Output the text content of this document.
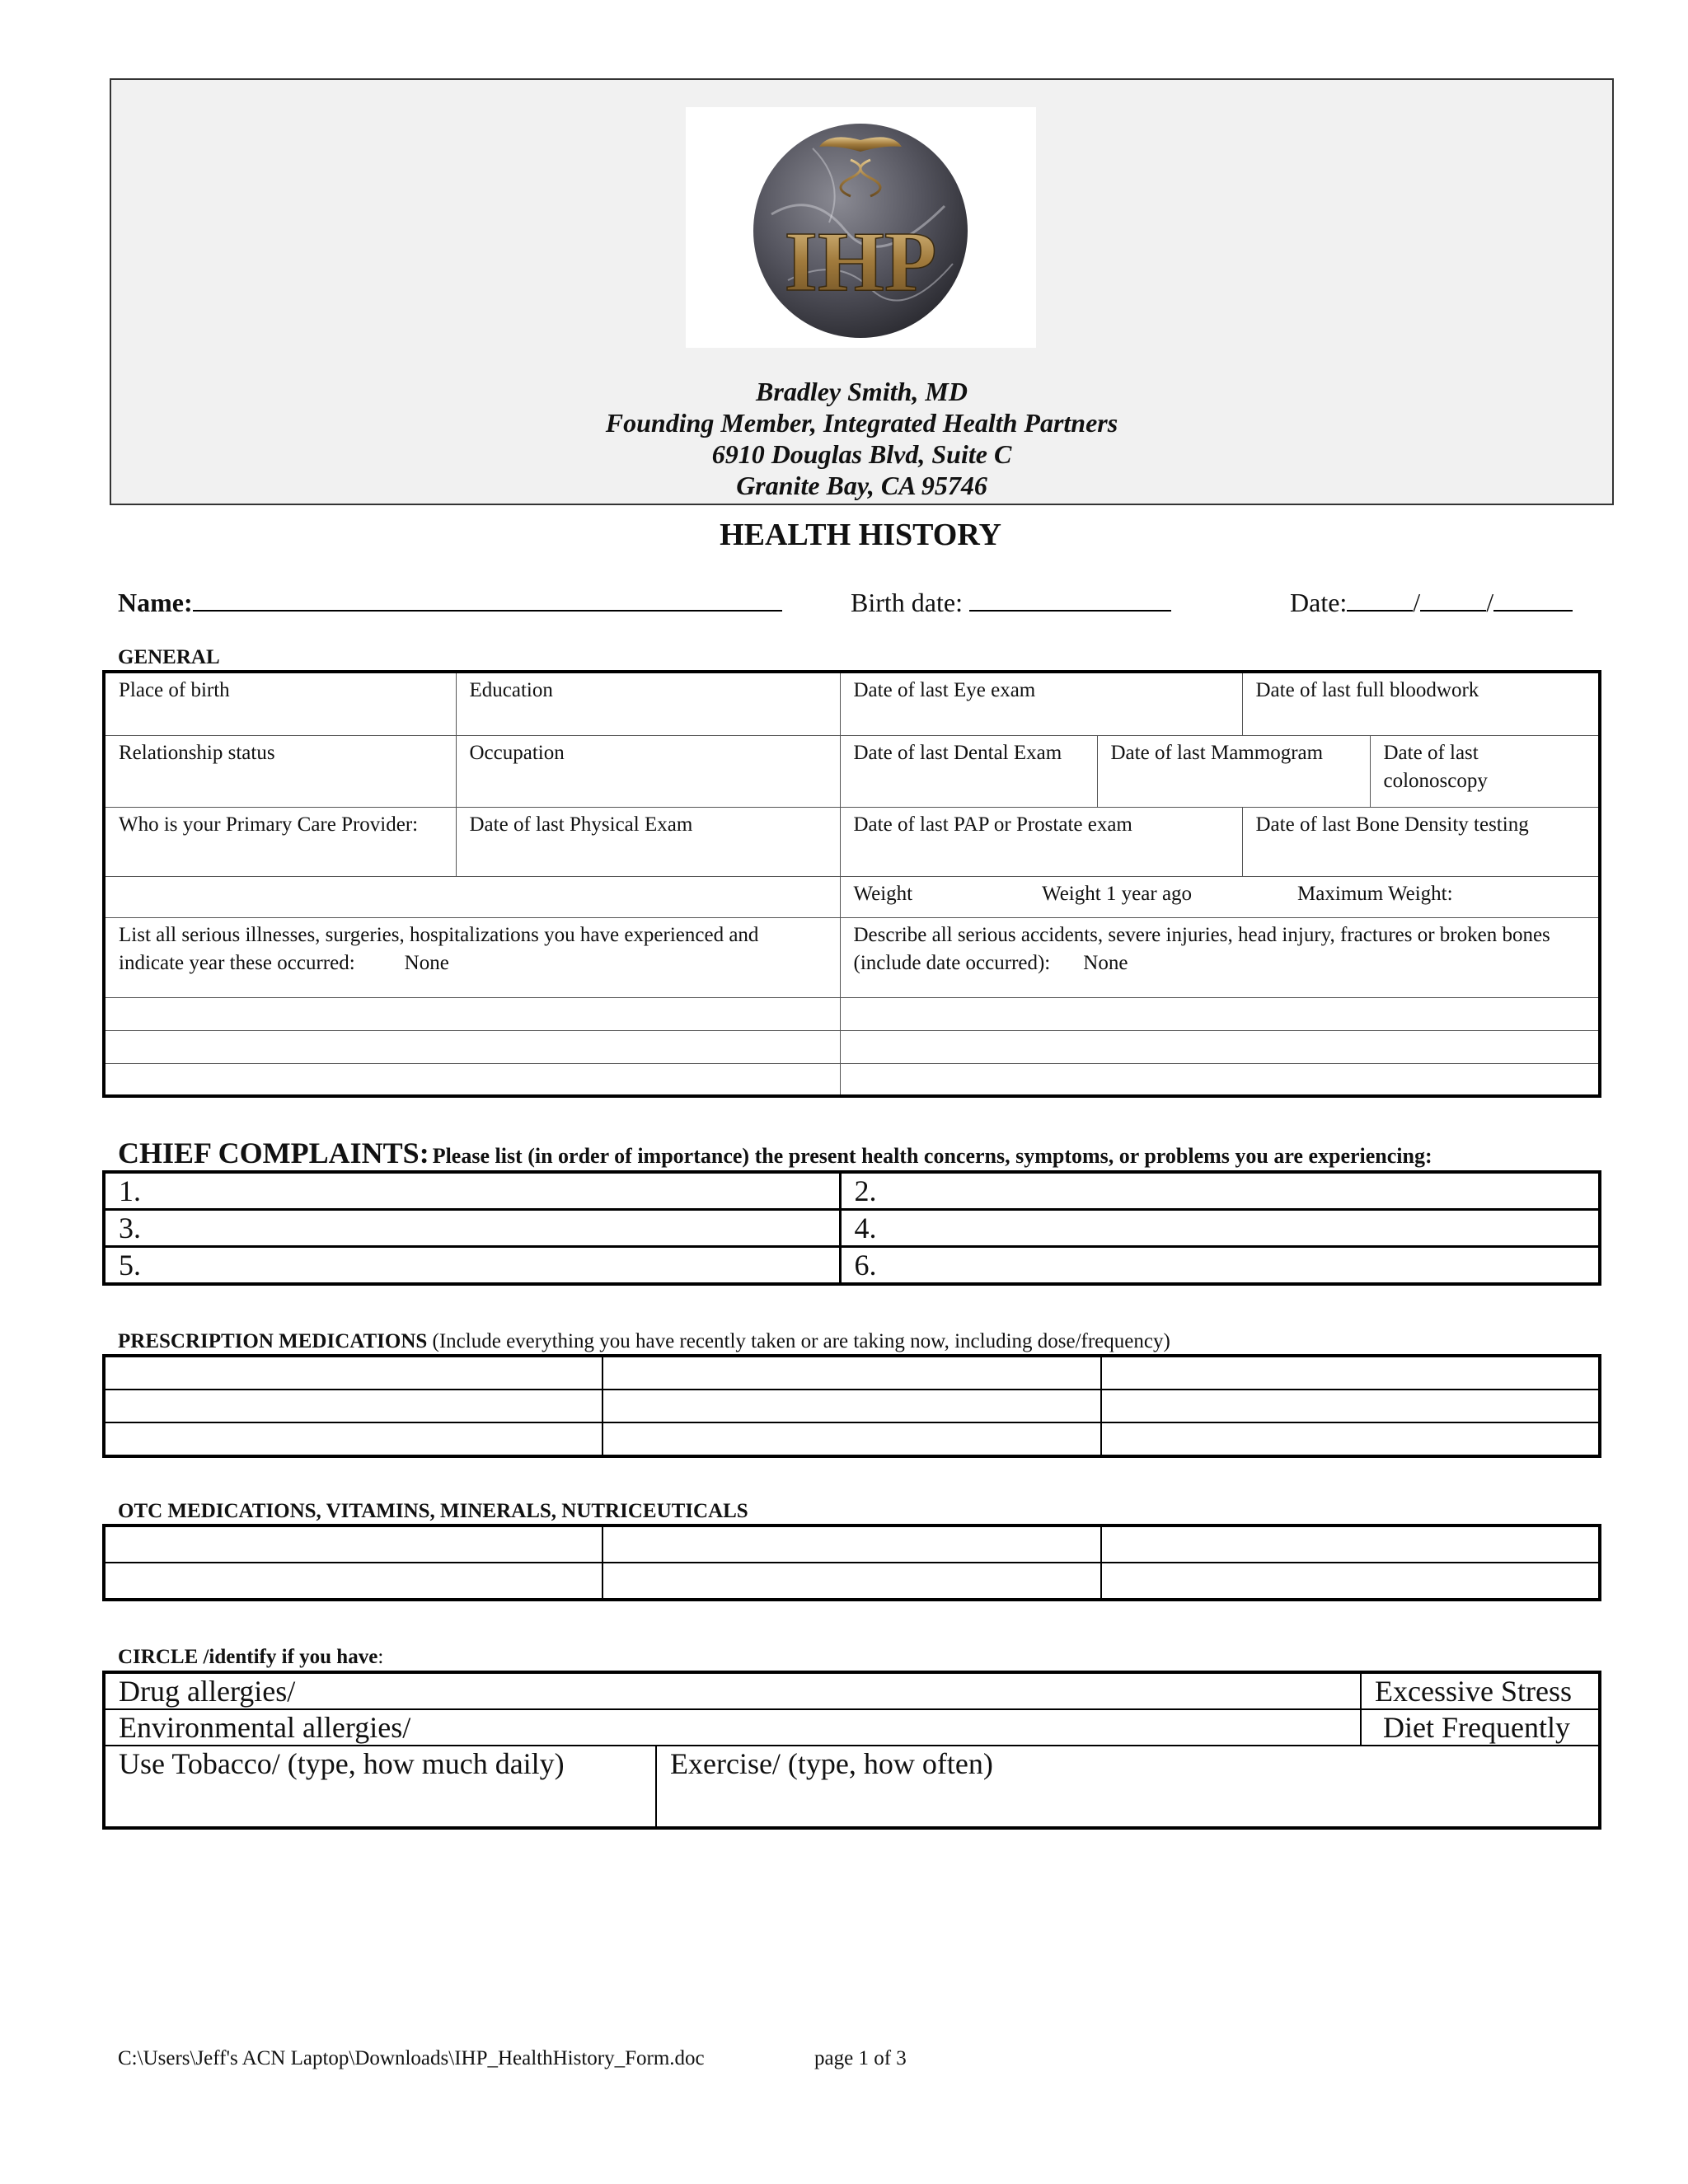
IHP
Bradley Smith, MD
Founding Member, Integrated Health Partners
6910 Douglas Blvd, Suite C
Granite Bay, CA 95746
HEALTH HISTORY
Name:	Birth date:	Date:	/	/
GENERAL
Place of birth	Education	Date of last Eye exam		Date of last full bloodwork	
Relationship status	Occupation	Date of last Dental Exam	Date of last Mammogram		Date of last colonoscopy
Who is your Primary Care Provider:	Date of last Physical Exam	Date of last PAP or Prostate exam		Date of last Bone Density testing	
		Weight Weight 1 year ago Maximum Weight:			
List all serious illnesses, surgeries, hospitalizations you have experienced and indicate year these occurred: None		Describe all serious accidents, severe injuries, head injury, fractures or broken bones (include date occurred): None			

CHIEF COMPLAINTS: Please list (in order of importance) the present health concerns, symptoms, or problems you are experiencing:
1.	2.
3.	4.
5.	6.
PRESCRIPTION MEDICATIONS (Include everything you have recently taken or are taking now, including dose/frequency)

OTC MEDICATIONS, VITAMINS, MINERALS, NUTRICEUTICALS

CIRCLE /identify if you have:
Drug allergies/		Excessive Stress
Environmental allergies/		Diet Frequently
Use Tobacco/ (type, how much daily)	Exercise/ (type, how often)	
C:\Users\Jeff's ACN Laptop\Downloads\IHP_HealthHistory_Form.doc	page 1 of 3
